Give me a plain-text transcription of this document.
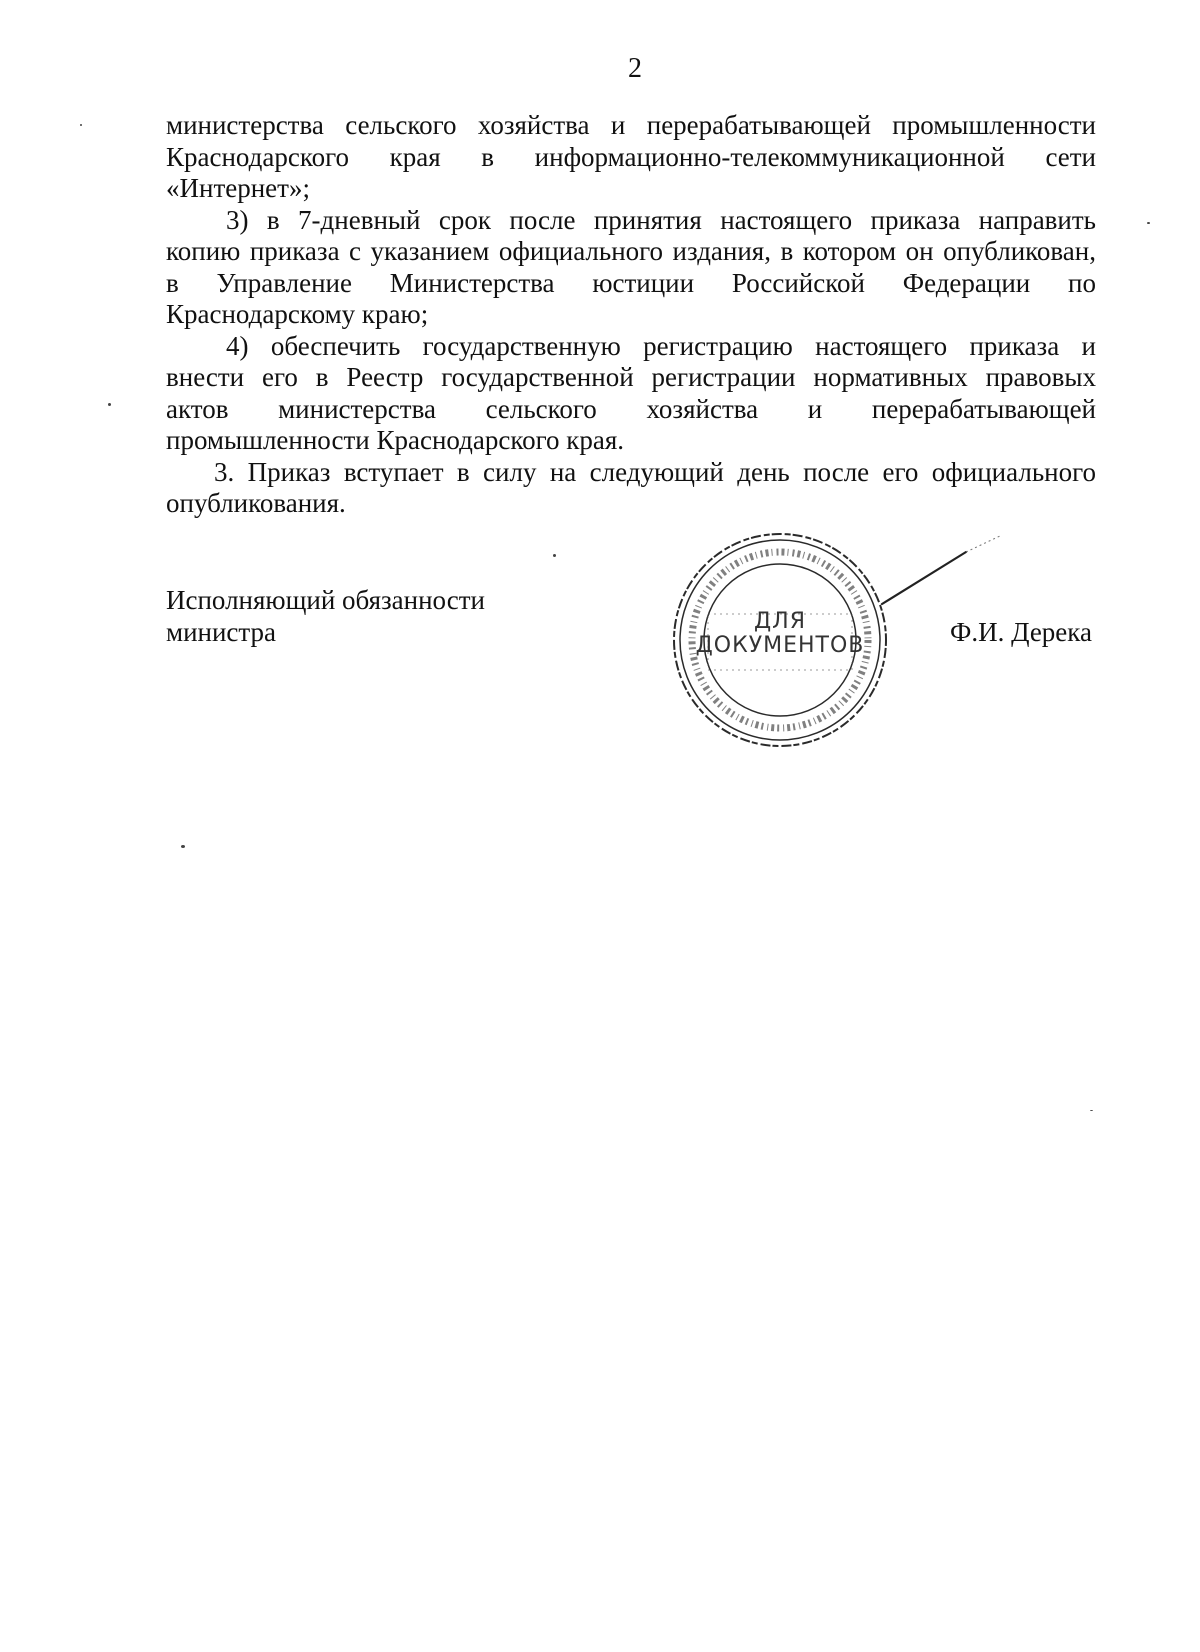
2
министерства сельского хозяйства и перерабатывающей промышленности
Краснодарского края в информационно-телекоммуникационной сети
«Интернет»;
3) в 7-дневный срок после принятия настоящего приказа направить
копию приказа с указанием официального издания, в котором он опубликован,
в Управление Министерства юстиции Российской Федерации по
Краснодарскому краю;
4) обеспечить государственную регистрацию настоящего приказа и
внести его в Реестр государственной регистрации нормативных правовых
актов министерства сельского хозяйства и перерабатывающей
промышленности Краснодарского края.
3. Приказ вступает в силу на следующий день после его официального
опубликования.
Исполняющий обязанности
министра	ДЛЯ
ДОКУМЕНТОВ	Ф.И. Дерека
